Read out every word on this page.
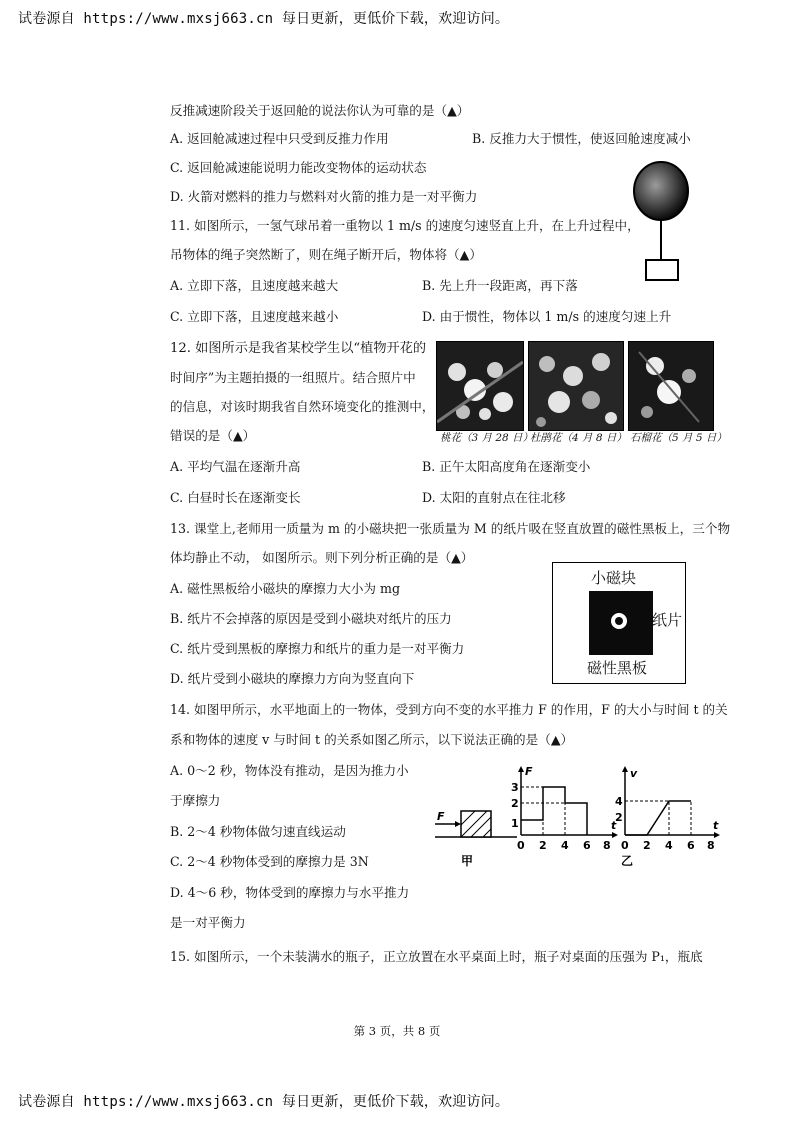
试卷源自 https://www.mxsj663.cn 每日更新，更低价下载，欢迎访问。
反推减速阶段关于返回舱的说法你认为可靠的是（▲）
A. 返回舱减速过程中只受到反推力作用	B. 反推力大于惯性，使返回舱速度减小
C. 返回舱减速能说明力能改变物体的运动状态
D. 火箭对燃料的推力与燃料对火箭的推力是一对平衡力
11. 如图所示，一氢气球吊着一重物以 1 m/s 的速度匀速竖直上升，在上升过程中，
吊物体的绳子突然断了，则在绳子断开后，物体将（▲）
A. 立即下落，且速度越来越大	B. 先上升一段距离，再下落
C. 立即下落，且速度越来越小	D. 由于惯性，物体以 1 m/s 的速度匀速上升
12. 如图所示是我省某校学生以“植物开花的
时间序”为主题拍摄的一组照片。结合照片中
的信息，对该时期我省自然环境变化的推测中，
错误的是（▲）	桃花（3 月 28 日）
杜鹃花（4 月 8 日） 石榴花（5 月 5 日）
A. 平均气温在逐渐升高	B. 正午太阳高度角在逐渐变小
C. 白昼时长在逐渐变长	D. 太阳的直射点在往北移
13. 课堂上,老师用一质量为 m 的小磁块把一张质量为 M 的纸片吸在竖直放置的磁性黑板上，三个物
体均静止不动， 如图所示。则下列分析正确的是（▲）
A. 磁性黑板给小磁块的摩擦力大小为 mg
B. 纸片不会掉落的原因是受到小磁块对纸片的压力
C. 纸片受到黑板的摩擦力和纸片的重力是一对平衡力
D. 纸片受到小磁块的摩擦力方向为竖直向下
小磁块
纸片
磁性黑板
14. 如图甲所示，水平地面上的一物体，受到方向不变的水平推力 F 的作用，F 的大小与时间 t 的关
系和物体的速度 v 与时间 t 的关系如图乙所示，以下说法正确的是（▲）
A. 0～2 秒，物体没有推动，是因为推力小
于摩擦力
B. 2～4 秒物体做匀速直线运动
C. 2～4 秒物体受到的摩擦力是 3N
D. 4～6 秒，物体受到的摩擦力与水平推力
是一对平衡力
F
甲
F
t
1
2
3
0 2 4 6 8
v
t
2
4
0 2 4 6 8
乙
15. 如图所示，一个未装满水的瓶子，正立放置在水平桌面上时，瓶子对桌面的压强为 P₁，瓶底
第 3 页，共 8 页
试卷源自 https://www.mxsj663.cn 每日更新，更低价下载，欢迎访问。
